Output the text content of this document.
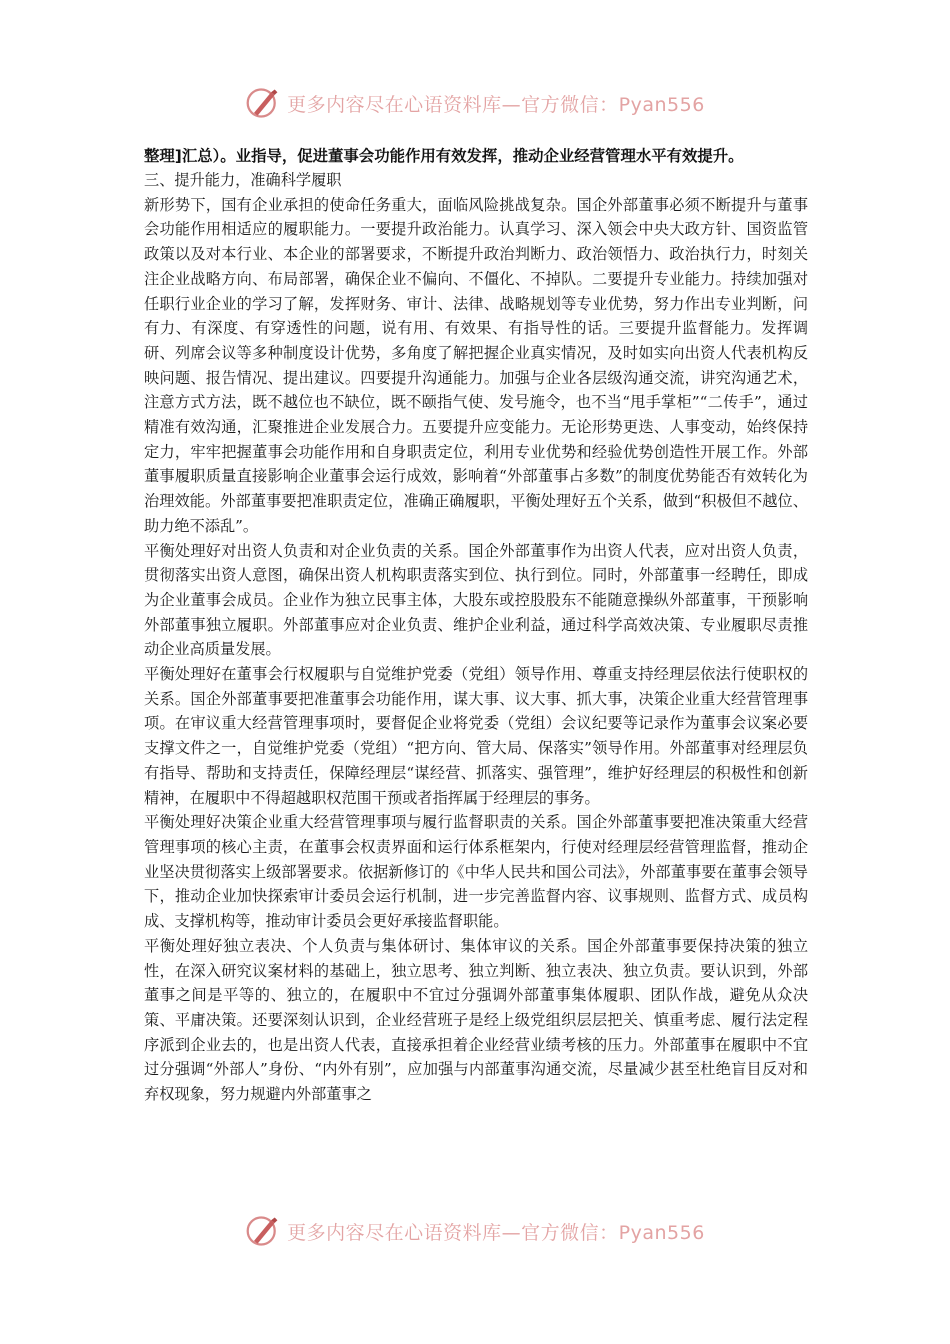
更多内容尽在心语资料库—官方微信：Pyan556

整理]汇总）。业指导，促进董事会功能作用有效发挥，推动企业经营管理水平有效提升。

三、提升能力，准确科学履职

新形势下，国有企业承担的使命任务重大，面临风险挑战复杂。国企外部董事必须不断提升与董事会功能作用相适应的履职能力。一要提升政治能力。认真学习、深入领会中央大政方针、国资监管政策以及对本行业、本企业的部署要求，不断提升政治判断力、政治领悟力、政治执行力，时刻关注企业战略方向、布局部署，确保企业不偏向、不僵化、不掉队。二要提升专业能力。持续加强对任职行业企业的学习了解，发挥财务、审计、法律、战略规划等专业优势，努力作出专业判断，问有力、有深度、有穿透性的问题，说有用、有效果、有指导性的话。三要提升监督能力。发挥调研、列席会议等多种制度设计优势，多角度了解把握企业真实情况，及时如实向出资人代表机构反映问题、报告情况、提出建议。四要提升沟通能力。加强与企业各层级沟通交流，讲究沟通艺术，注意方式方法，既不越位也不缺位，既不颐指气使、发号施令，也不当“甩手掌柜”“二传手”，通过精准有效沟通，汇聚推进企业发展合力。五要提升应变能力。无论形势更迭、人事变动，始终保持定力，牢牢把握董事会功能作用和自身职责定位，利用专业优势和经验优势创造性开展工作。外部董事履职质量直接影响企业董事会运行成效，影响着“外部董事占多数”的制度优势能否有效转化为治理效能。外部董事要把准职责定位，准确正确履职，平衡处理好五个关系，做到“积极但不越位、助力绝不添乱”。

平衡处理好对出资人负责和对企业负责的关系。国企外部董事作为出资人代表，应对出资人负责，贯彻落实出资人意图，确保出资人机构职责落实到位、执行到位。同时，外部董事一经聘任，即成为企业董事会成员。企业作为独立民事主体，大股东或控股股东不能随意操纵外部董事，干预影响外部董事独立履职。外部董事应对企业负责、维护企业利益，通过科学高效决策、专业履职尽责推动企业高质量发展。

平衡处理好在董事会行权履职与自觉维护党委（党组）领导作用、尊重支持经理层依法行使职权的关系。国企外部董事要把准董事会功能作用，谋大事、议大事、抓大事，决策企业重大经营管理事项。在审议重大经营管理事项时，要督促企业将党委（党组）会议纪要等记录作为董事会议案必要支撑文件之一，自觉维护党委（党组）“把方向、管大局、保落实”领导作用。外部董事对经理层负有指导、帮助和支持责任，保障经理层“谋经营、抓落实、强管理”，维护好经理层的积极性和创新精神，在履职中不得超越职权范围干预或者指挥属于经理层的事务。

平衡处理好决策企业重大经营管理事项与履行监督职责的关系。国企外部董事要把准决策重大经营管理事项的核心主责，在董事会权责界面和运行体系框架内，行使对经理层经营管理监督，推动企业坚决贯彻落实上级部署要求。依据新修订的《中华人民共和国公司法》，外部董事要在董事会领导下，推动企业加快探索审计委员会运行机制，进一步完善监督内容、议事规则、监督方式、成员构成、支撑机构等，推动审计委员会更好承接监督职能。

平衡处理好独立表决、个人负责与集体研讨、集体审议的关系。国企外部董事要保持决策的独立性，在深入研究议案材料的基础上，独立思考、独立判断、独立表决、独立负责。要认识到，外部董事之间是平等的、独立的，在履职中不宜过分强调外部董事集体履职、团队作战，避免从众决策、平庸决策。还要深刻认识到，企业经营班子是经上级党组织层层把关、慎重考虑、履行法定程序派到企业去的，也是出资人代表，直接承担着企业经营业绩考核的压力。外部董事在履职中不宜过分强调“外部人”身份、“内外有别”，应加强与内部董事沟通交流，尽量减少甚至杜绝盲目反对和弃权现象，努力规避内外部董事之

更多内容尽在心语资料库—官方微信：Pyan556
